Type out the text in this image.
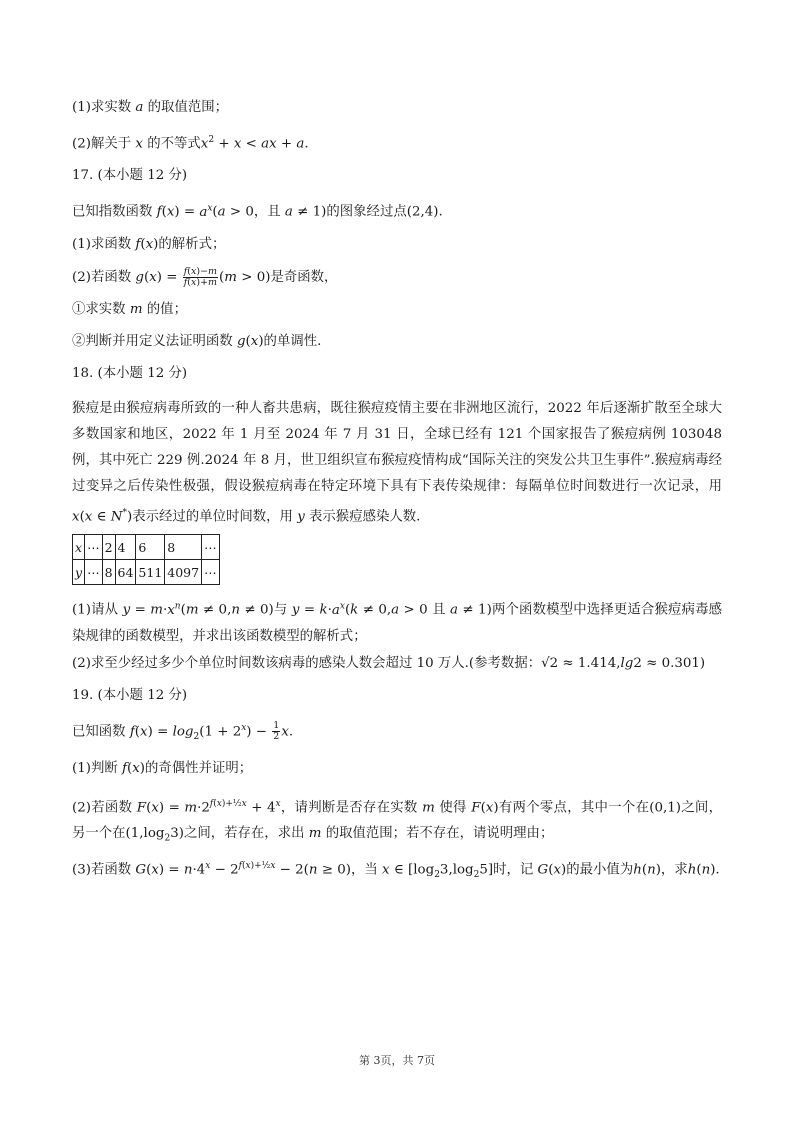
(1)求实数 a 的取值范围；

(2)解关于 x 的不等式$x^2 + x$ < ax + a.

17. (本小题 12 分)

已知指数函数 $f(x) = a^x(a > 0$，且 a ≠ 1)的图象经过点(2,4).

(1)求函数 f(x)的解析式；

(2)若函数 $g(x) = \frac{f(x)-m}{f(x)+m} (m > 0)$是奇函数，

①求实数 m 的值；

②判断并用定义法证明函数 g(x)的单调性.

18. (本小题 12 分)

猴痘是由猴痘病毒所致的一种人畜共患病，既往猴痘疫情主要在非洲地区流行，2022 年后逐渐扩散至全球大多数国家和地区，2022 年 1 月至 2024 年 7 月 31 日，全球已经有 121 个国家报告了猴痘病例 103048 例，其中死亡 229 例.2024 年 8 月，世卫组织宣布猴痘疫情构成“国际关注的突发公共卫生事件”.猴痘病毒经过变异之后传染性极强，假设猴痘病毒在特定环境下具有下表传染规律：每隔单位时间数进行一次记录，用 x(x ∈ N*)表示经过的单位时间数，用 y 表示猴痘感染人数.

x	⋯	2	4	6	8	⋯
y	⋯	8	64	511	4097	⋯

(1)请从 $y = m\cdot x^n(m \ne 0,n \ne 0)$与 $y = k\cdot a^x(k \ne 0,a > 0$ 且 a ≠ 1)两个函数模型中选择更适合猴痘病毒感染规律的函数模型，并求出该函数模型的解析式；

(2)求至少经过多少个单位时间数该病毒的感染人数会超过 10 万人.(参考数据：√2 ≈ 1.414,lg2 ≈ 0.301)

19. (本小题 12 分)

已知函数 $f(x) = \log_2(1 + 2^x) - \frac{1}{2} x$.

(1)判断 f(x)的奇偶性并证明；

(2)若函数 $F(x) = m\cdot 2^{f(x)+\frac{1}{2}x} + 4^x$，请判断是否存在实数 m 使得 F(x)有两个零点，其中一个在(0,1)之间，另一个在$(1,\log_23)$之间，若存在，求出 m 的取值范围；若不存在，请说明理由；

(3)若函数 $G(x) = n\cdot 4^x - 2^{f(x)+\frac{1}{2}x} - 2(n \ge 0)$，当 x ∈ $[\log_23,\log_25]$时，记 G(x)的最小值为h(n)，求h(n).

第 3页，共 7页
